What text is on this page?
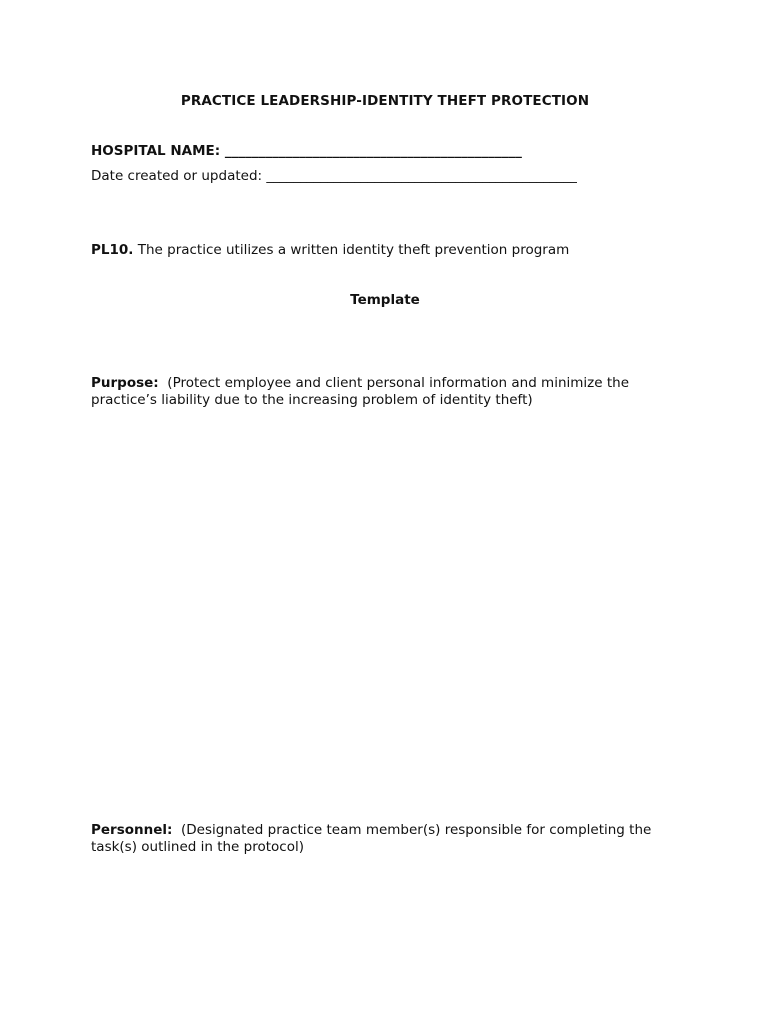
PRACTICE LEADERSHIP-IDENTITY THEFT PROTECTION
HOSPITAL NAME: ____________________________________________
Date created or updated: ______________________________________________
PL10. The practice utilizes a written identity theft prevention program
Template
Purpose: (Protect employee and client personal information and minimize the practice’s liability due to the increasing problem of identity theft)
Personnel: (Designated practice team member(s) responsible for completing the task(s) outlined in the protocol)
